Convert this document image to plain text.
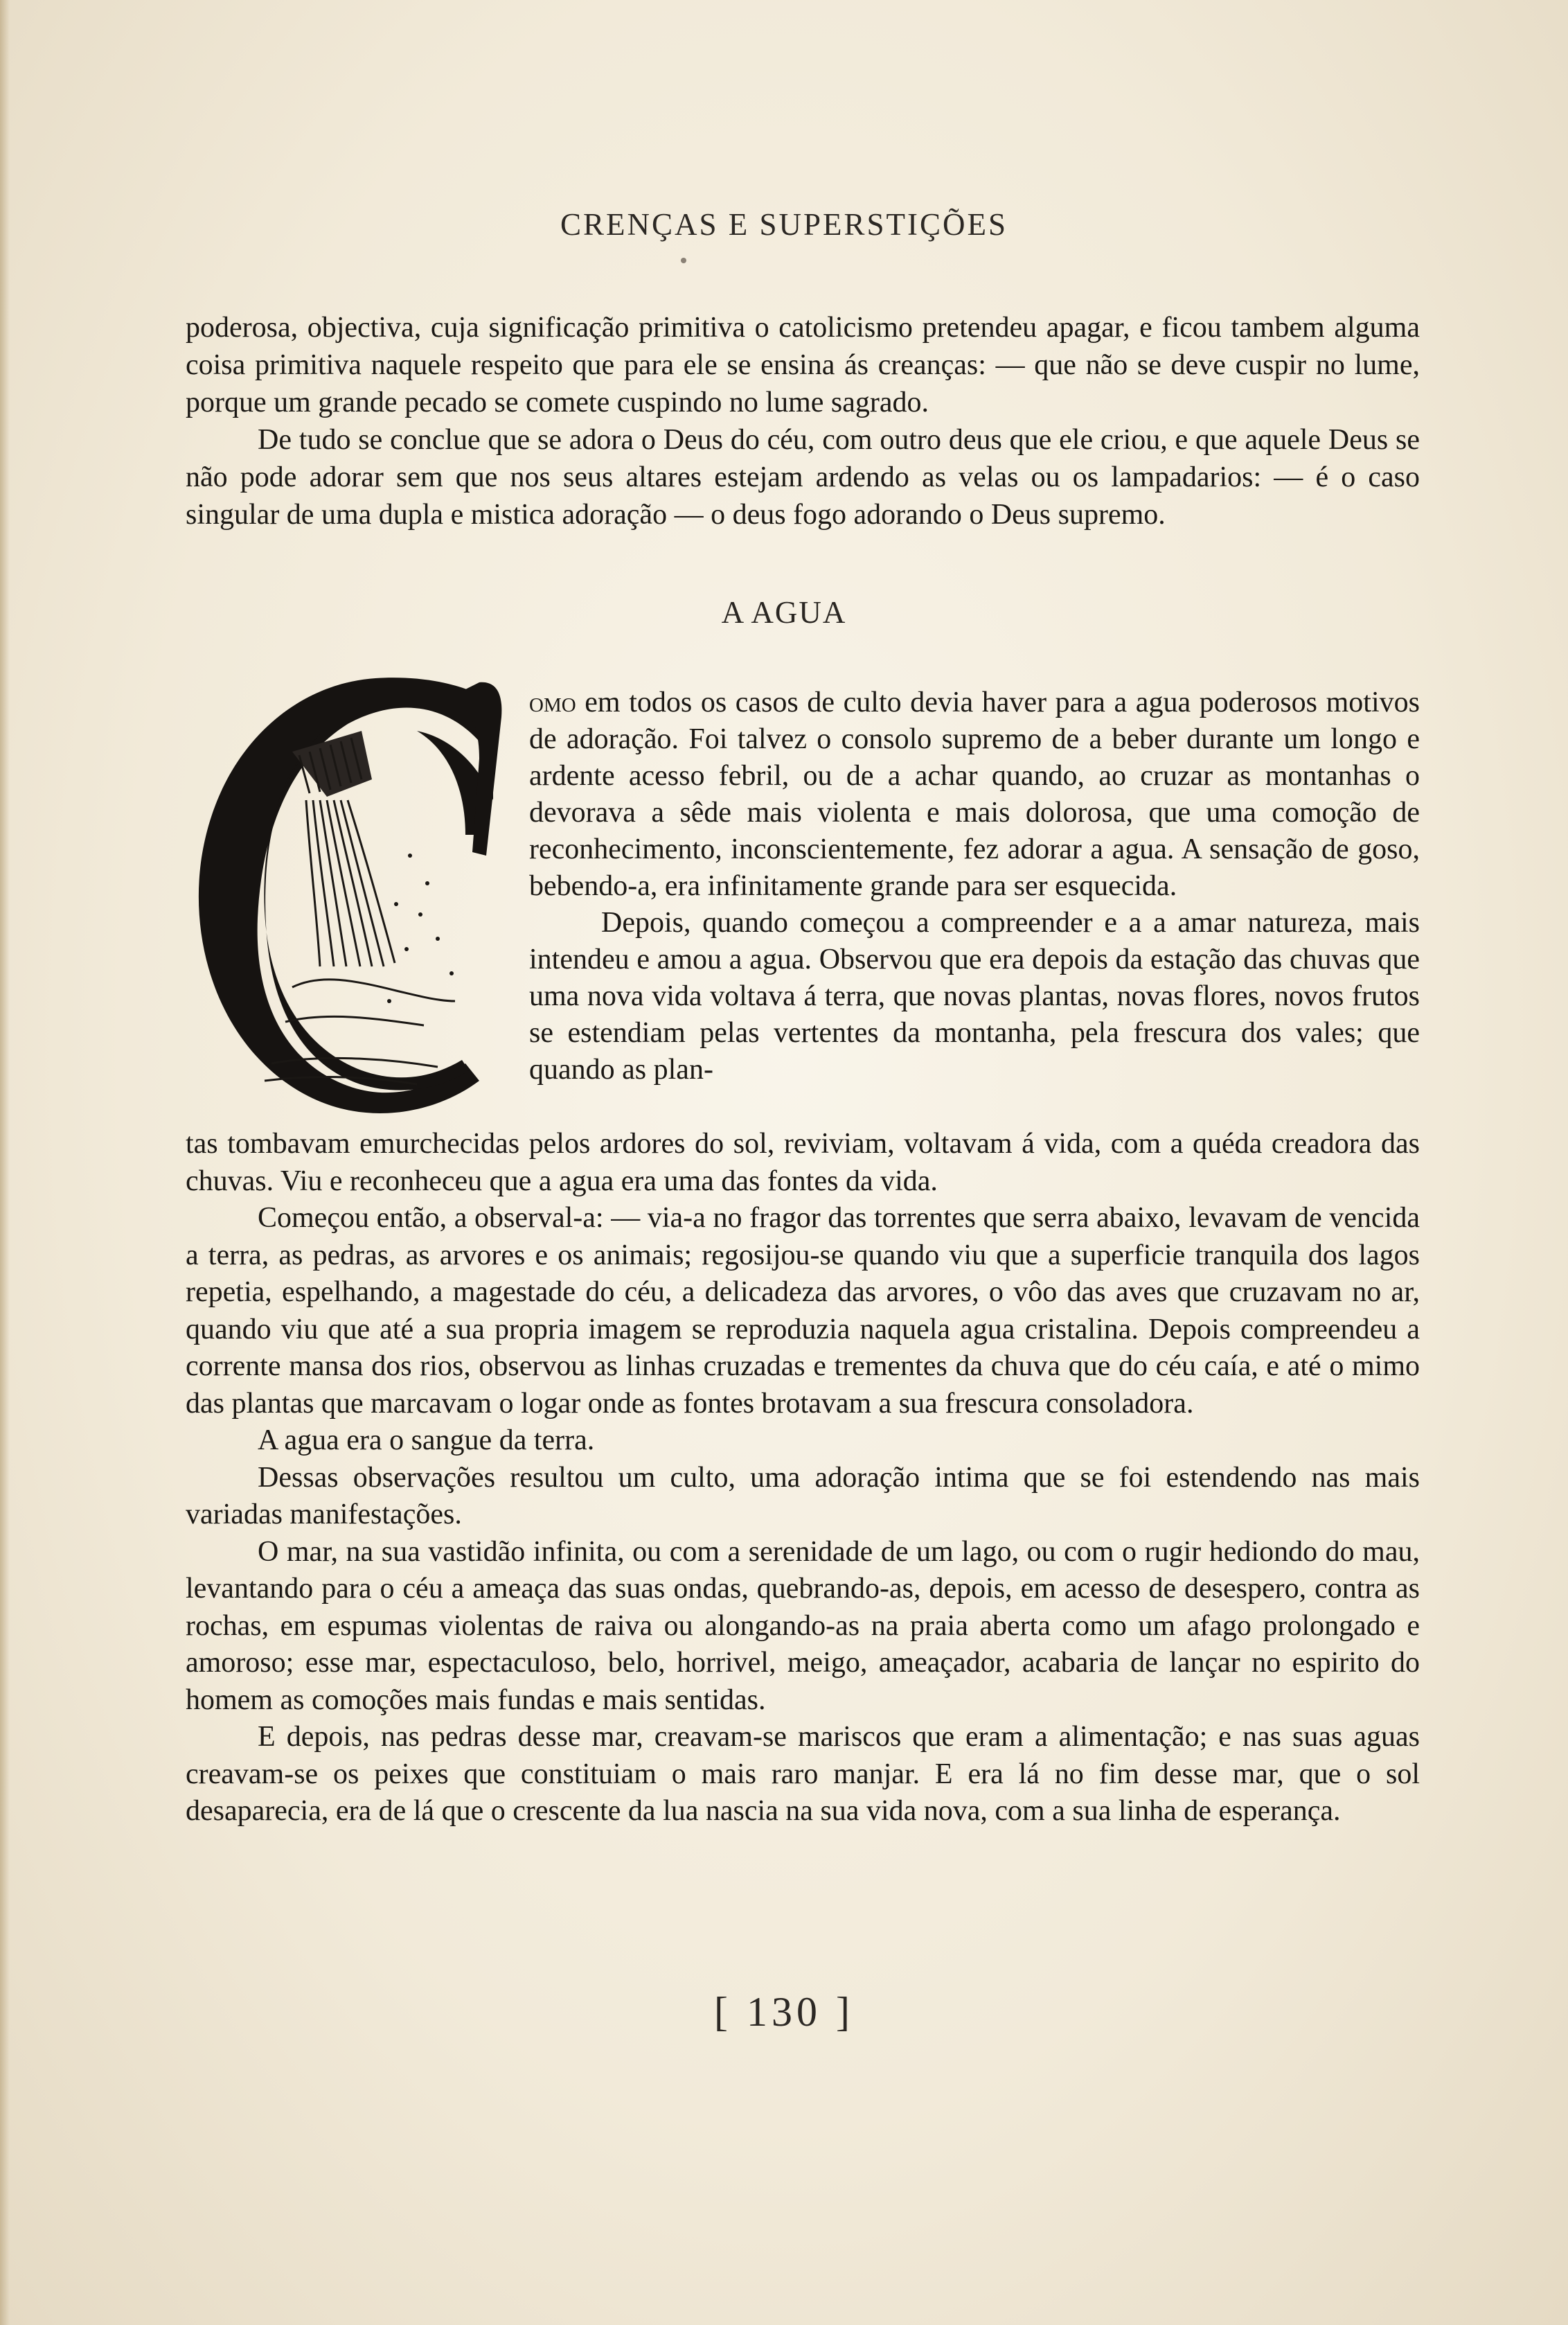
CRENÇAS E SUPERSTIÇÕES

poderosa, objectiva, cuja significação primitiva o catolicismo pretendeu apagar, e ficou tambem alguma coisa primitiva naquele respeito que para ele se ensina ás creanças: — que não se deve cuspir no lume, porque um grande pecado se comete cuspindo no lume sagrado.

De tudo se conclue que se adora o Deus do céu, com outro deus que ele criou, e que aquele Deus se não pode adorar sem que nos seus altares estejam ardendo as velas ou os lampadarios: — é o caso singular de uma dupla e mistica adoração — o deus fogo adorando o Deus supremo.

A AGUA

omo em todos os casos de culto devia haver para a agua poderosos motivos de adoração. Foi talvez o consolo supremo de a beber durante um longo e ardente acesso febril, ou de a achar quando, ao cruzar as montanhas o devorava a sêde mais violenta e mais dolorosa, que uma comoção de reconhecimento, inconscientemente, fez adorar a agua. A sensação de goso, bebendo-a, era infinitamente grande para ser esquecida.

Depois, quando começou a compreender e a a amar natureza, mais intendeu e amou a agua. Observou que era depois da estação das chuvas que uma nova vida voltava á terra, que novas plantas, novas flores, novos frutos se estendiam pelas vertentes da montanha, pela frescura dos vales; que quando as plan-

tas tombavam emurchecidas pelos ardores do sol, reviviam, voltavam á vida, com a quéda creadora das chuvas. Viu e reconheceu que a agua era uma das fontes da vida.

Começou então, a observal-a: — via-a no fragor das torrentes que serra abaixo, levavam de vencida a terra, as pedras, as arvores e os animais; regosijou-se quando viu que a superficie tranquila dos lagos repetia, espelhando, a magestade do céu, a delicadeza das arvores, o vôo das aves que cruzavam no ar, quando viu que até a sua propria imagem se reproduzia naquela agua cristalina. Depois compreendeu a corrente mansa dos rios, observou as linhas cruzadas e trementes da chuva que do céu caía, e até o mimo das plantas que marcavam o logar onde as fontes brotavam a sua frescura consoladora.

A agua era o sangue da terra.

Dessas observações resultou um culto, uma adoração intima que se foi estendendo nas mais variadas manifestações.

O mar, na sua vastidão infinita, ou com a serenidade de um lago, ou com o rugir hediondo do mau, levantando para o céu a ameaça das suas ondas, quebrando-as, depois, em acesso de desespero, contra as rochas, em espumas violentas de raiva ou alongando-as na praia aberta como um afago prolongado e amoroso; esse mar, espectaculoso, belo, horrivel, meigo, ameaçador, acabaria de lançar no espirito do homem as comoções mais fundas e mais sentidas.

E depois, nas pedras desse mar, creavam-se mariscos que eram a alimentação; e nas suas aguas creavam-se os peixes que constituiam o mais raro manjar. E era lá no fim desse mar, que o sol desaparecia, era de lá que o crescente da lua nascia na sua vida nova, com a sua linha de esperança.

[ 130 ]
